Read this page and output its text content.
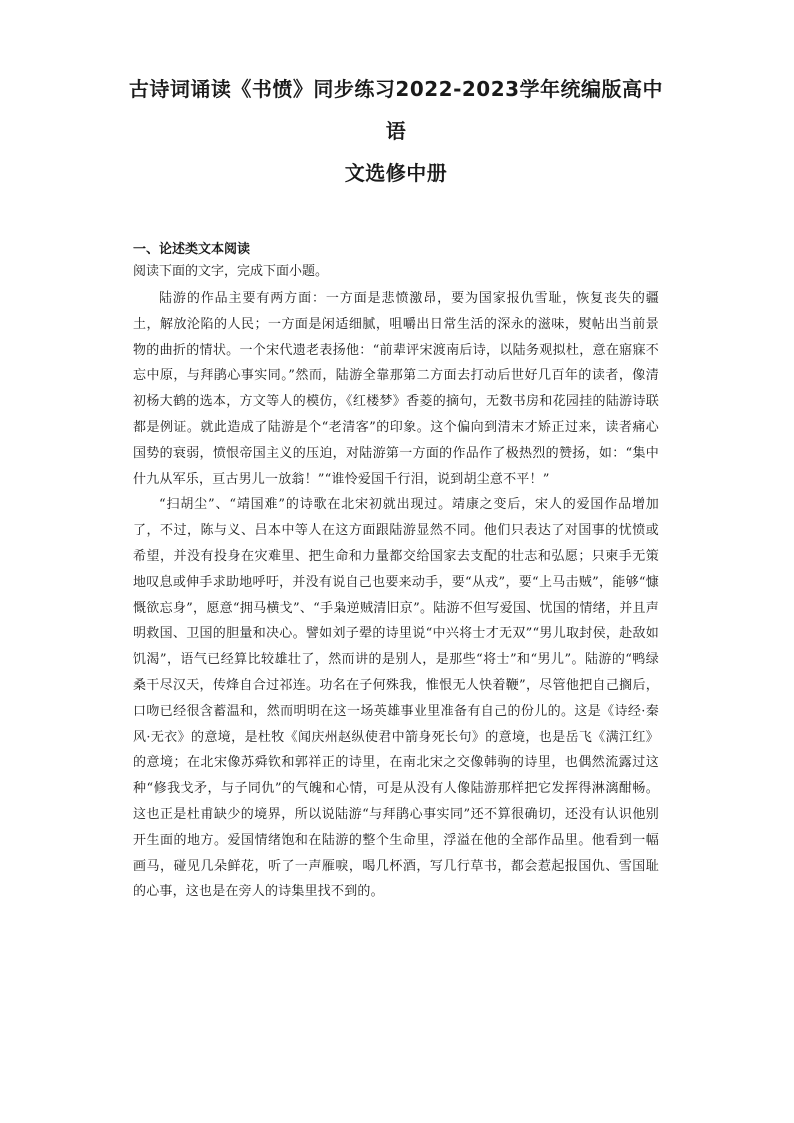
古诗词诵读《书愤》同步练习2022-2023学年统编版高中语
文选修中册
一、论述类文本阅读
阅读下面的文字，完成下面小题。

陆游的作品主要有两方面：一方面是悲愤激昂，要为国家报仇雪耻，恢复丧失的疆土，解放沦陷的人民；一方面是闲适细腻，咀嚼出日常生活的深永的滋味，熨帖出当前景物的曲折的情状。一个宋代遗老表扬他：“前辈评宋渡南后诗，以陆务观拟杜，意在寤寐不忘中原，与拜鹃心事实同。”然而，陆游全靠那第二方面去打动后世好几百年的读者，像清初杨大鹤的选本，方文等人的模仿，《红楼梦》香菱的摘句，无数书房和花园挂的陆游诗联都是例证。就此造成了陆游是个“老清客”的印象。这个偏向到清末才矫正过来，读者痛心国势的衰弱，愤恨帝国主义的压迫，对陆游第一方面的作品作了极热烈的赞扬，如：“集中什九从军乐，亘古男儿一放翁！”“谁怜爱国千行泪，说到胡尘意不平！”

“扫胡尘”、“靖国难”的诗歌在北宋初就出现过。靖康之变后，宋人的爱国作品增加了，不过，陈与义、吕本中等人在这方面跟陆游显然不同。他们只表达了对国事的忧愤或希望，并没有投身在灾难里、把生命和力量都交给国家去支配的壮志和弘愿；只柬手无策地叹息或伸手求助地呼吁，并没有说自己也要来动手，要“从戎”，要“上马击贼”，能够“慷慨欲忘身”，愿意“拥马横戈”、“手枭逆贼清旧京”。陆游不但写爱国、忧国的情绪，并且声明救国、卫国的胆量和决心。譬如刘子翚的诗里说“中兴将士才无双”“男儿取封侯，赴敌如饥渴”，语气已经算比较雄壮了，然而讲的是别人，是那些“将士”和“男儿”。陆游的“鸭绿桑干尽汉天，传烽自合过祁连。功名在子何殊我，惟恨无人快着鞭”，尽管他把自己搁后，口吻已经很含蓄温和，然而明明在这一场英雄事业里准备有自己的份儿的。这是《诗经·秦风·无衣》的意境，是杜牧《闻庆州赵纵使君中箭身死长句》的意境，也是岳飞《满江红》的意境；在北宋像苏舜钦和郭祥正的诗里，在南北宋之交像韩驹的诗里，也偶然流露过这种“修我戈矛，与子同仇”的气魄和心情，可是从没有人像陆游那样把它发挥得淋漓酣畅。这也正是杜甫缺少的境界，所以说陆游“与拜鹃心事实同”还不算很确切，还没有认识他别开生面的地方。爱国情绪饱和在陆游的整个生命里，浮溢在他的全部作品里。他看到一幅画马，碰见几朵鲜花，听了一声雁唳，喝几杯酒，写几行草书，都会惹起报国仇、雪国耻的心事，这也是在旁人的诗集里找不到的。
